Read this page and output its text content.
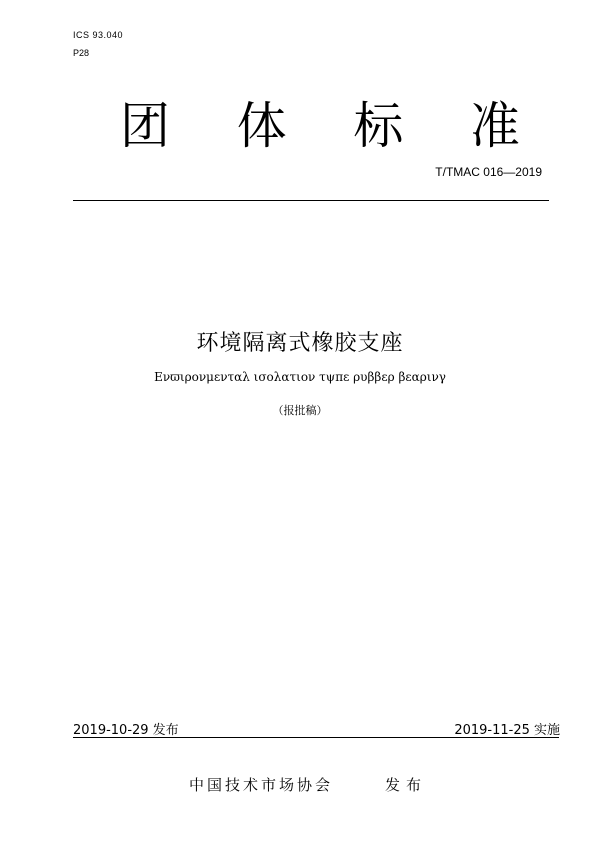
ICS 93.040
P28
团 体 标 准
T/TMAC 016—2019
环境隔离式橡胶支座
Ενϖιρονμενταλ ισολατιον τψπε ρυββερ βεαρινγ
（报批稿）
2019-10-29 发布	2019-11-25 实施
中国技术市场协会	发布
